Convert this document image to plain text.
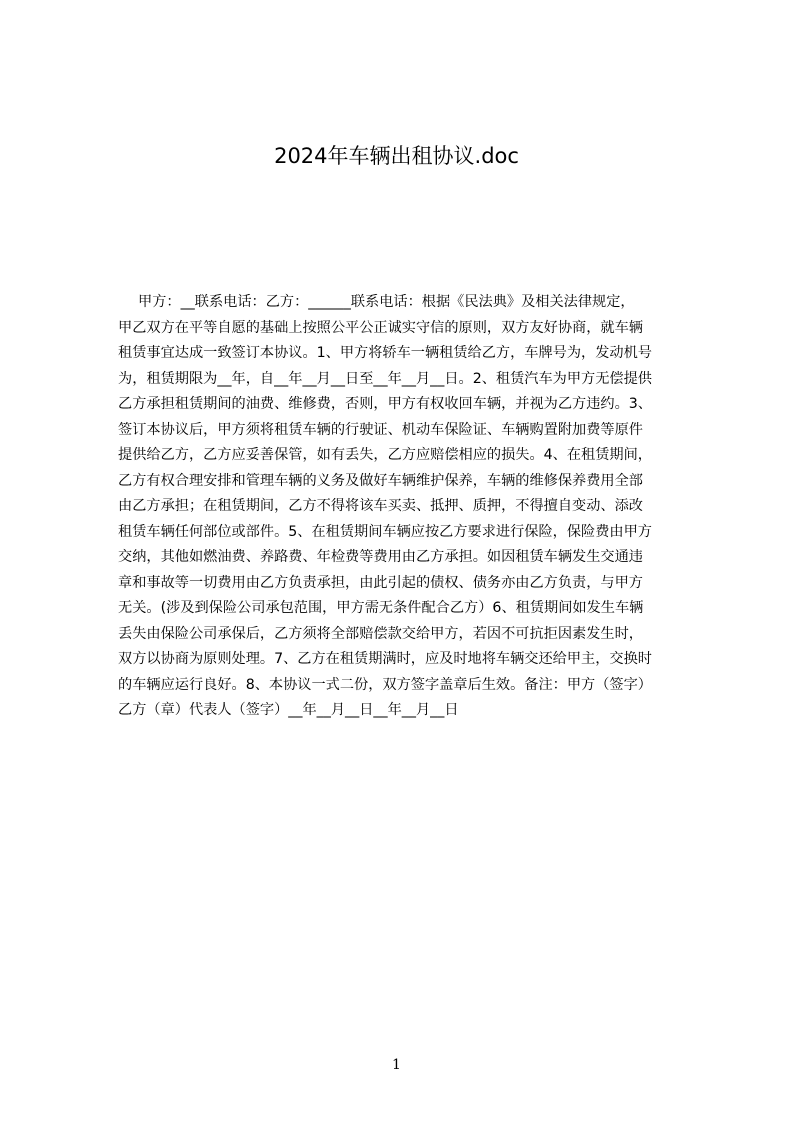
2024年车辆出租协议.doc
甲方：__联系电话：乙方：______联系电话：根据《民法典》及相关法律规定，
甲乙双方在平等自愿的基础上按照公平公正诚实守信的原则，双方友好协商，就车辆
租赁事宜达成一致签订本协议。1、甲方将轿车一辆租赁给乙方，车牌号为，发动机号
为，租赁期限为__年，自__年__月__日至__年__月__日。2、租赁汽车为甲方无偿提供
乙方承担租赁期间的油费、维修费，否则，甲方有权收回车辆，并视为乙方违约。3、
签订本协议后，甲方须将租赁车辆的行驶证、机动车保险证、车辆购置附加费等原件
提供给乙方，乙方应妥善保管，如有丢失，乙方应赔偿相应的损失。4、在租赁期间，
乙方有权合理安排和管理车辆的义务及做好车辆维护保养，车辆的维修保养费用全部
由乙方承担；在租赁期间，乙方不得将该车买卖、抵押、质押，不得擅自变动、添改
租赁车辆任何部位或部件。5、在租赁期间车辆应按乙方要求进行保险，保险费由甲方
交纳，其他如燃油费、养路费、年检费等费用由乙方承担。如因租赁车辆发生交通违
章和事故等一切费用由乙方负责承担，由此引起的债权、债务亦由乙方负责，与甲方
无关。(涉及到保险公司承包范围，甲方需无条件配合乙方）6、租赁期间如发生车辆
丢失由保险公司承保后，乙方须将全部赔偿款交给甲方，若因不可抗拒因素发生时，
双方以协商为原则处理。7、乙方在租赁期满时，应及时地将车辆交还给甲主，交换时
的车辆应运行良好。8、本协议一式二份，双方签字盖章后生效。备注：甲方（签字）
乙方（章）代表人（签字）__年__月__日__年__月__日
1
